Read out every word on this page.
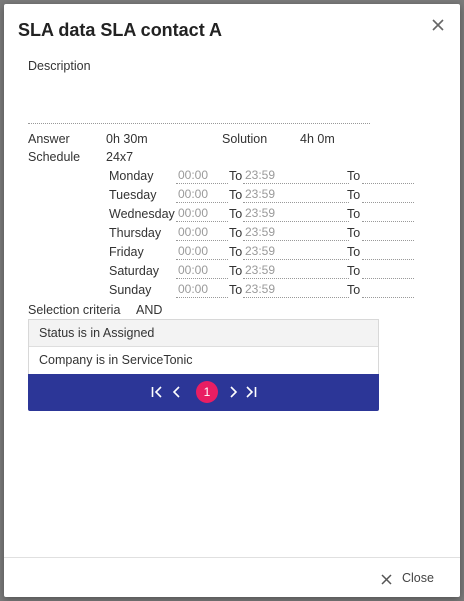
SLA data SLA contact A
Description
Answer	0h 30m	Solution	4h 0m
Schedule 24x7
Monday 00:00	To 23:59	To
Tuesday 00:00	To 23:59	To
Wednesday 00:00	To 23:59	To
Thursday 00:00	To 23:59	To
Friday	00:00	To 23:59	To
Saturday 00:00	To 23:59	To
Sunday 00:00	To 23:59	To
Selection criteria AND
Status is in Assigned
Company is in ServiceTonic
1
Close
